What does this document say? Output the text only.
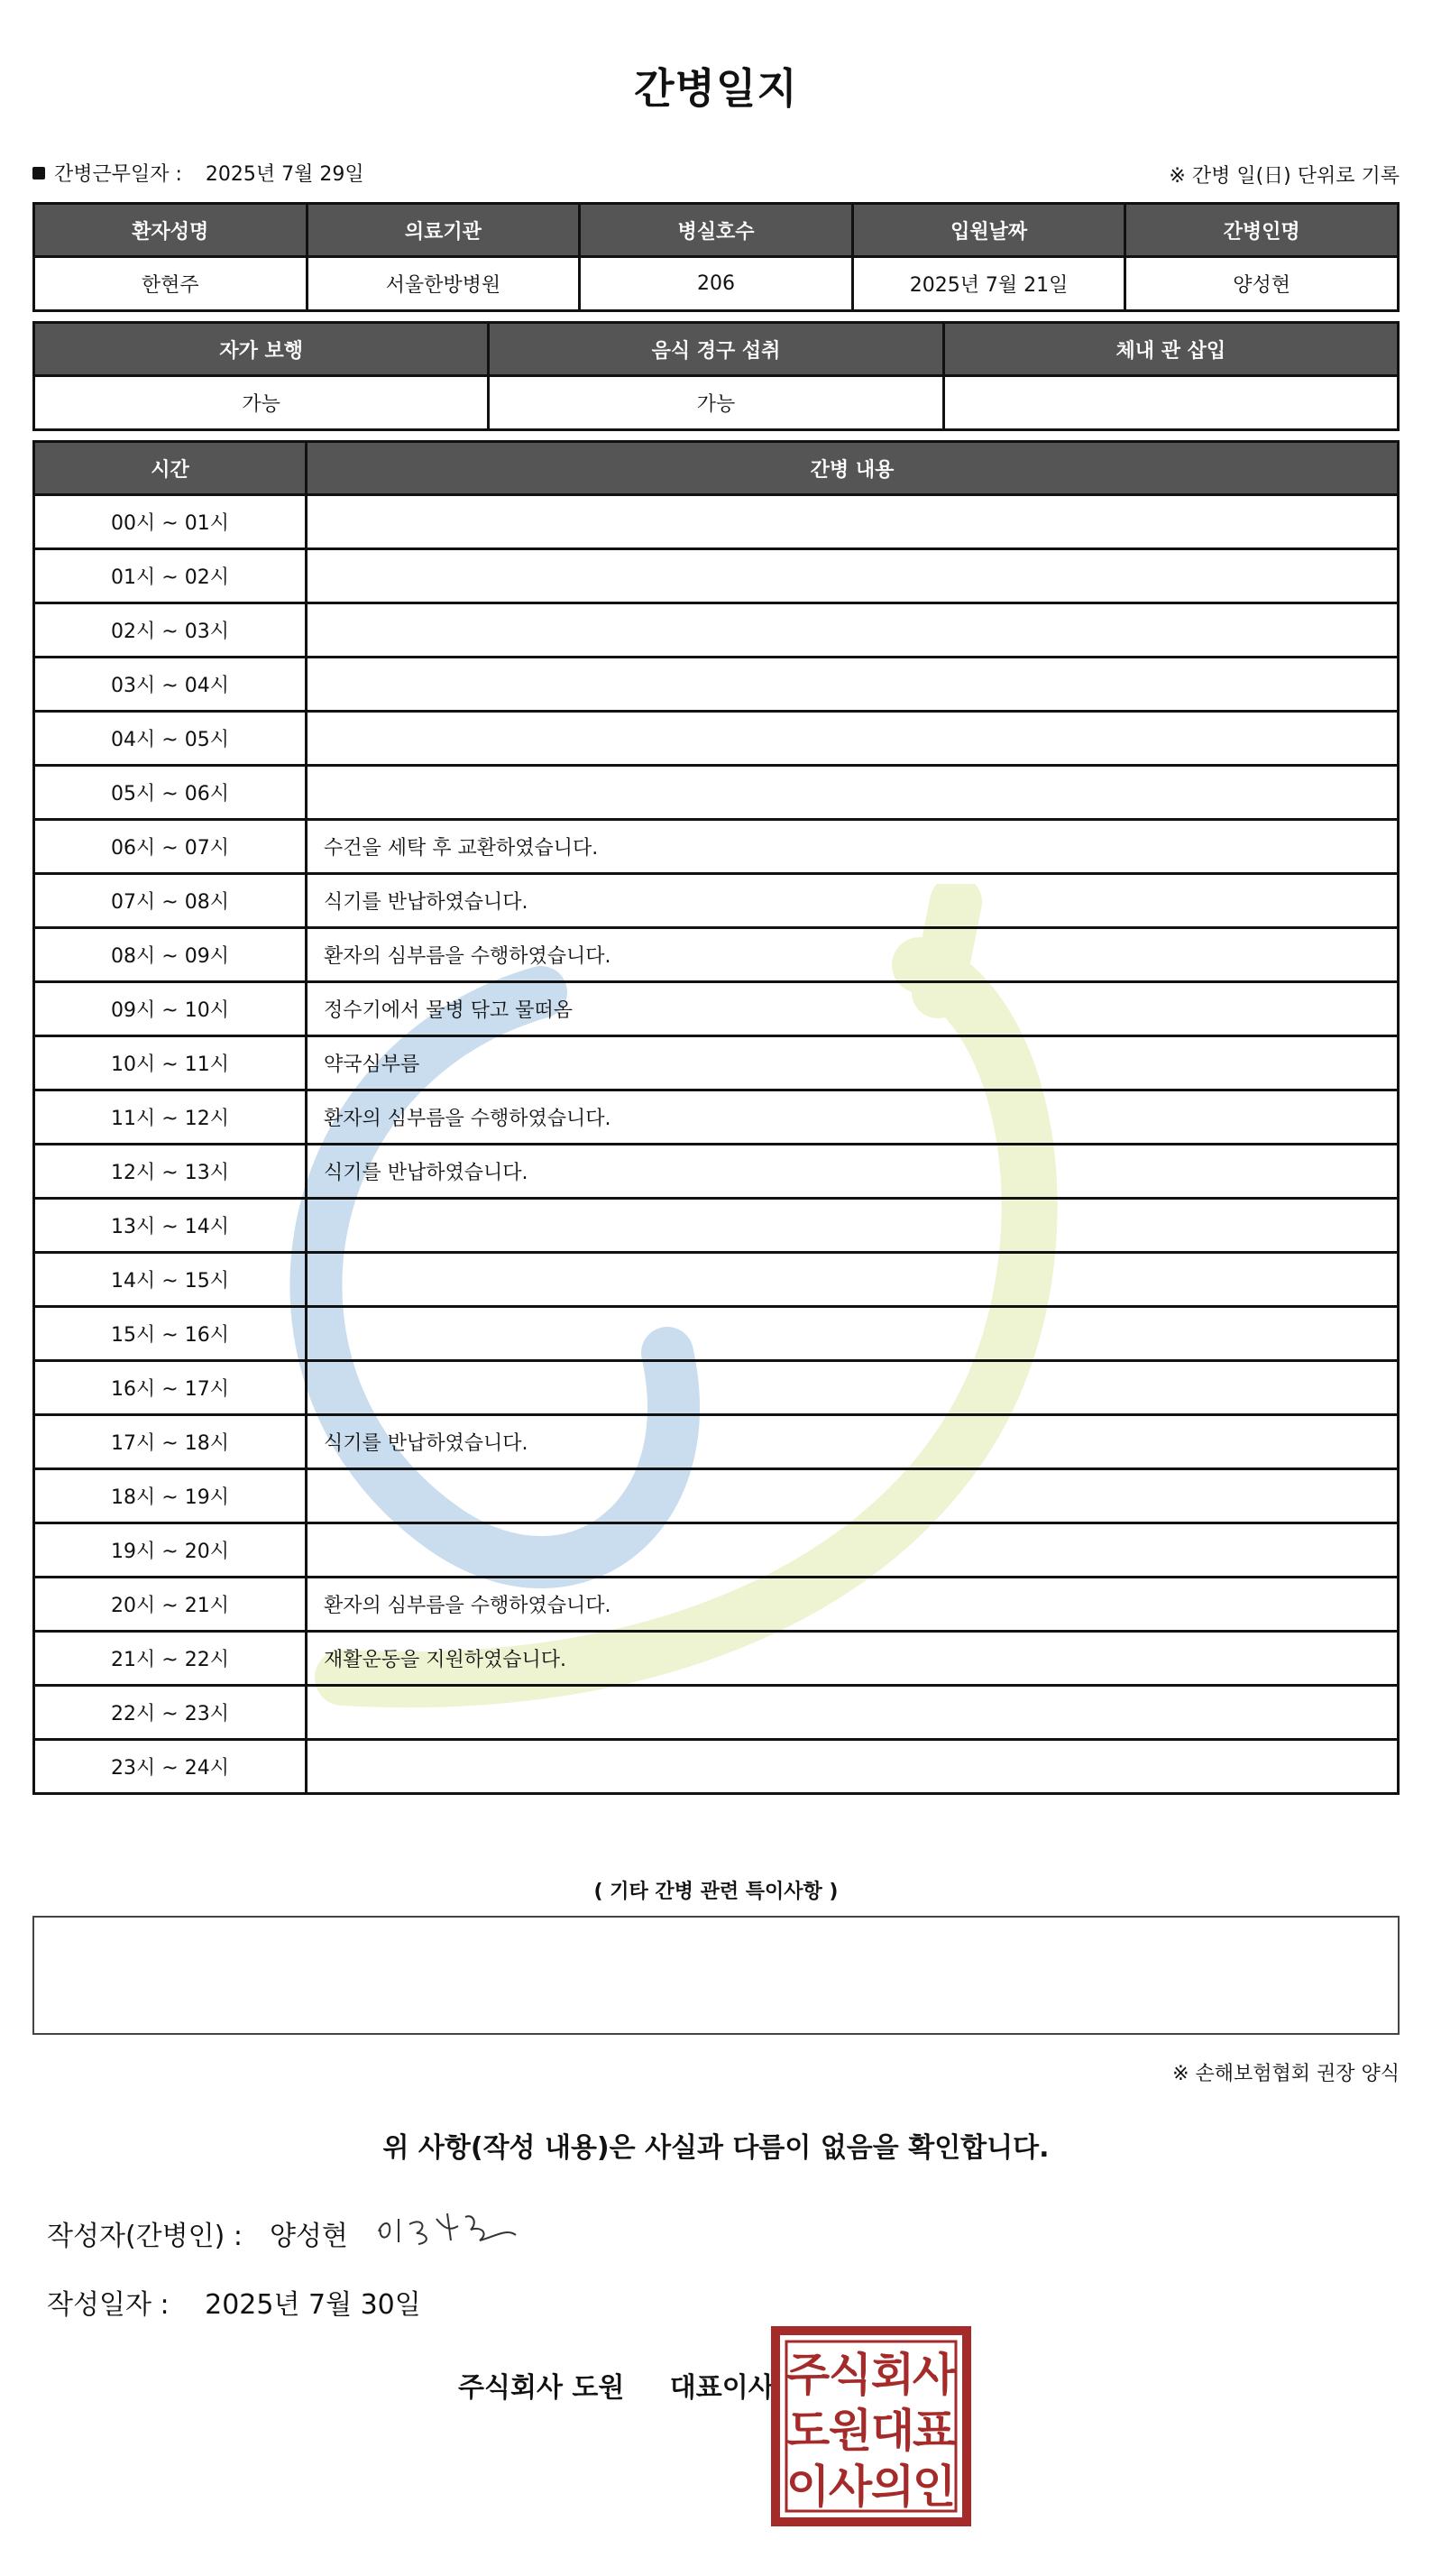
간병일지
간병근무일자 : 2025년 7월 29일	※ 간병 일(日) 단위로 기록
환자성명	의료기관	병실호수	입원날짜	간병인명
한현주	서울한방병원	206	2025년 7월 21일	양성현
자가 보행	음식 경구 섭취	체내 관 삽입
가능	가능	
시간	간병 내용
00시 ~ 01시	
01시 ~ 02시	
02시 ~ 03시	
03시 ~ 04시	
04시 ~ 05시	
05시 ~ 06시	
06시 ~ 07시	수건을 세탁 후 교환하였습니다.
07시 ~ 08시	식기를 반납하였습니다.
08시 ~ 09시	환자의 심부름을 수행하였습니다.
09시 ~ 10시	정수기에서 물병 닦고 물떠옴
10시 ~ 11시	약국심부름
11시 ~ 12시	환자의 심부름을 수행하였습니다.
12시 ~ 13시	식기를 반납하였습니다.
13시 ~ 14시	
14시 ~ 15시	
15시 ~ 16시	
16시 ~ 17시	
17시 ~ 18시	식기를 반납하였습니다.
18시 ~ 19시	
19시 ~ 20시	
20시 ~ 21시	환자의 심부름을 수행하였습니다.
21시 ~ 22시	재활운동을 지원하였습니다.
22시 ~ 23시	
23시 ~ 24시	
( 기타 간병 관련 특이사항 )
※ 손해보험협회 권장 양식
위 사항(작성 내용)은 사실과 다름이 없음을 확인합니다.
작성자(간병인) : 양성현
작성일자 : 2025년 7월 30일
주식회사 도원 대표이사 주
식
회
사
도
원
대
표
이
사
의
인
